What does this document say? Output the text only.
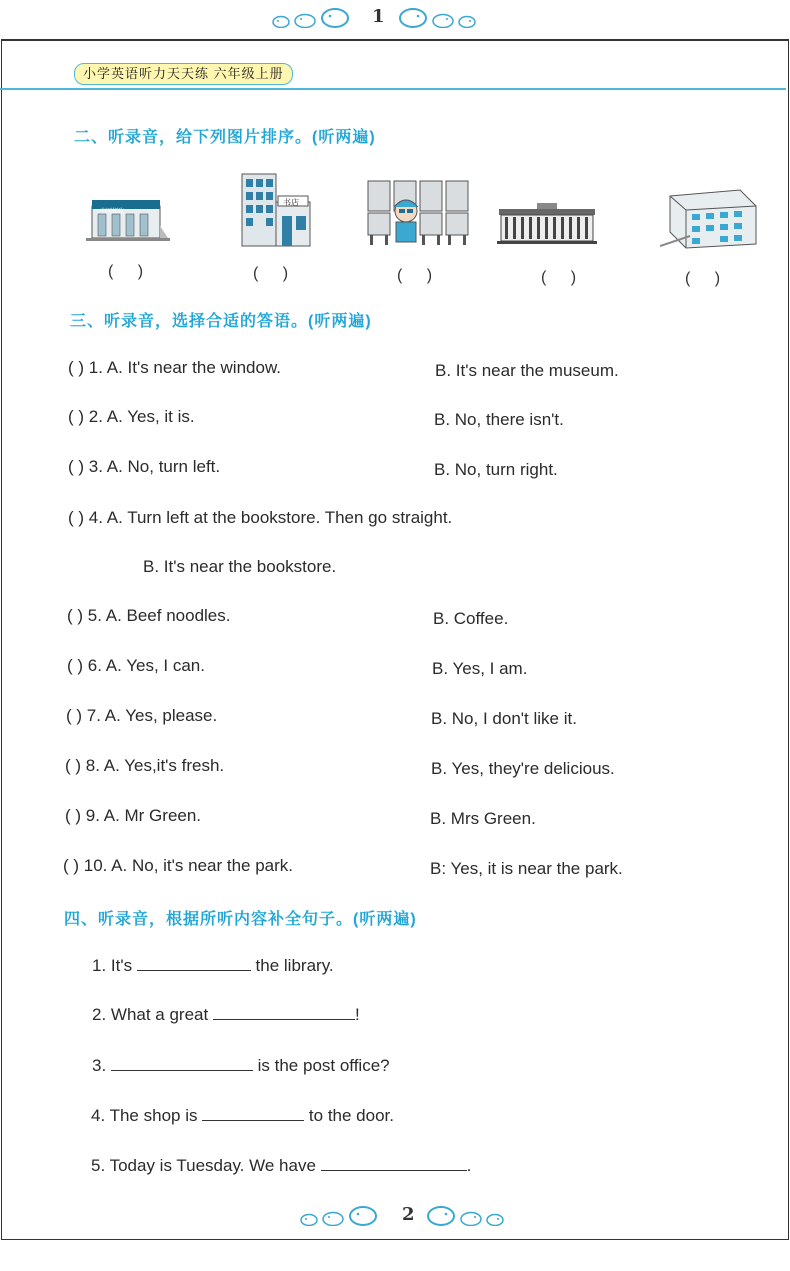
1
小学英语听力天天练 六年级上册
二、听录音，给下列图片排序。(听两遍)
中国邮政
书店
( )	( )	( )	( )	( )
三、听录音，选择合适的答语。(听两遍)
( ) 1. A. It's near the window.	B. It's near the museum.
( ) 2. A. Yes, it is.	B. No, there isn't.
( ) 3. A. No, turn left.	B. No, turn right.
( ) 4. A. Turn left at the bookstore. Then go straight.
B. It's near the bookstore.
( ) 5. A. Beef noodles.	B. Coffee.
( ) 6. A. Yes, I can.	B. Yes, I am.
( ) 7. A. Yes, please.	B. No, I don't like it.
( ) 8. A. Yes,it's fresh.	B. Yes, they're delicious.
( ) 9. A. Mr Green.	B. Mrs Green.
( ) 10. A. No, it's near the park.	B: Yes, it is near the park.
四、听录音，根据所听内容补全句子。(听两遍)
1. It's	the library.
2. What a great	!
3.	is the post office?
4. The shop is	to the door.
5. Today is Tuesday. We have	.
2
